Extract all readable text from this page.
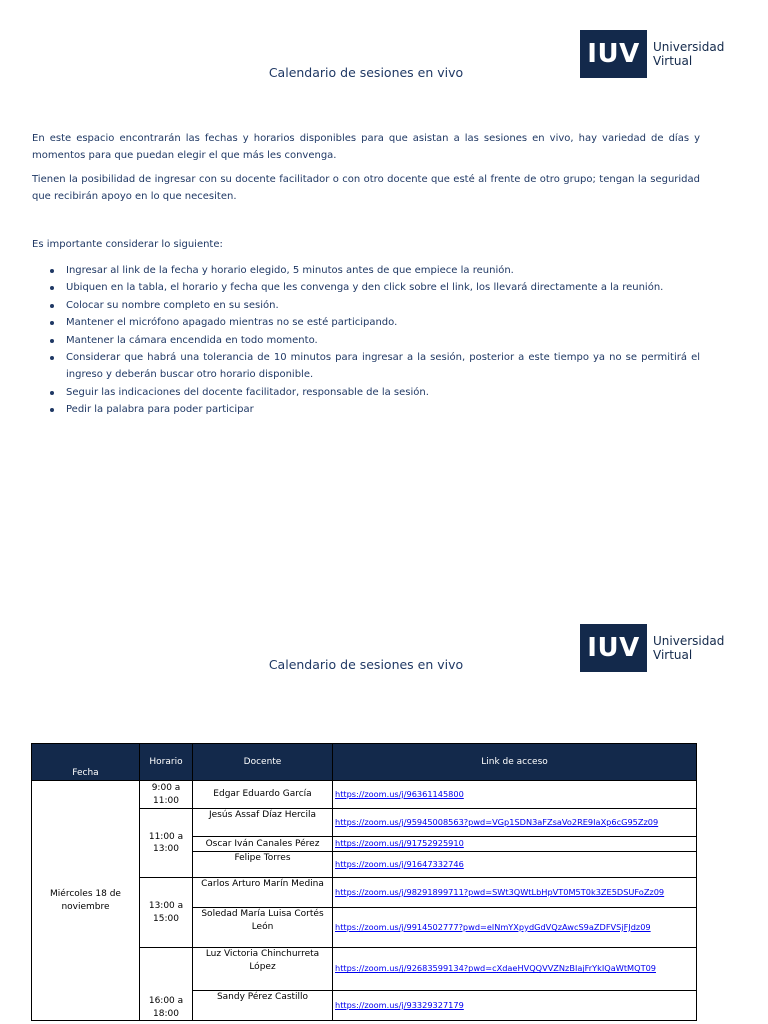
IUV	Universidad
Virtual
Calendario de sesiones en vivo

En este espacio encontrarán las fechas y horarios disponibles para que asistan a las sesiones en vivo, hay variedad de días y momentos para que puedan elegir el que más les convenga.

Tienen la posibilidad de ingresar con su docente facilitador o con otro docente que esté al frente de otro grupo; tengan la seguridad que recibirán apoyo en lo que necesiten.

Es importante considerar lo siguiente:

Ingresar al link de la fecha y horario elegido, 5 minutos antes de que empiece la reunión.
Ubiquen en la tabla, el horario y fecha que les convenga y den click sobre el link, los llevará directamente a la reunión.
Colocar su nombre completo en su sesión.
Mantener el micrófono apagado mientras no se esté participando.
Mantener la cámara encendida en todo momento.
Considerar que habrá una tolerancia de 10 minutos para ingresar a la sesión, posterior a este tiempo ya no se permitirá el ingreso y deberán buscar otro horario disponible.
Seguir las indicaciones del docente facilitador, responsable de la sesión.
Pedir la palabra para poder participar
IUV	Universidad
Virtual
Calendario de sesiones en vivo
Fecha	Horario	Docente	Link de acceso
Miércoles 18 de noviembre	9:00 a 11:00	Edgar Eduardo García	https://zoom.us/j/96361145800
	11:00 a 13:00	Jesús Assaf Díaz Hercila	https://zoom.us/j/95945008563?pwd=VGp1SDN3aFZsaVo2RE9IaXp6cG95Zz09
		Oscar Iván Canales Pérez	https://zoom.us/j/91752925910
		Felipe Torres	https://zoom.us/j/91647332746
	13:00 a 15:00	Carlos Arturo Marín Medina	https://zoom.us/j/98291899711?pwd=SWt3QWtLbHpVT0M5T0k3ZE5DSUFoZz09
		Soledad María Luisa Cortés León	https://zoom.us/j/9914502777?pwd=elNmYXpydGdVQzAwcS9aZDFVSjFJdz09
	16:00 a 18:00	Luz Victoria Chinchurreta López	https://zoom.us/j/92683599134?pwd=cXdaeHVQQVVZNzBIajFrYkIQaWtMQT09
		Sandy Pérez Castillo	https://zoom.us/j/93329327179
